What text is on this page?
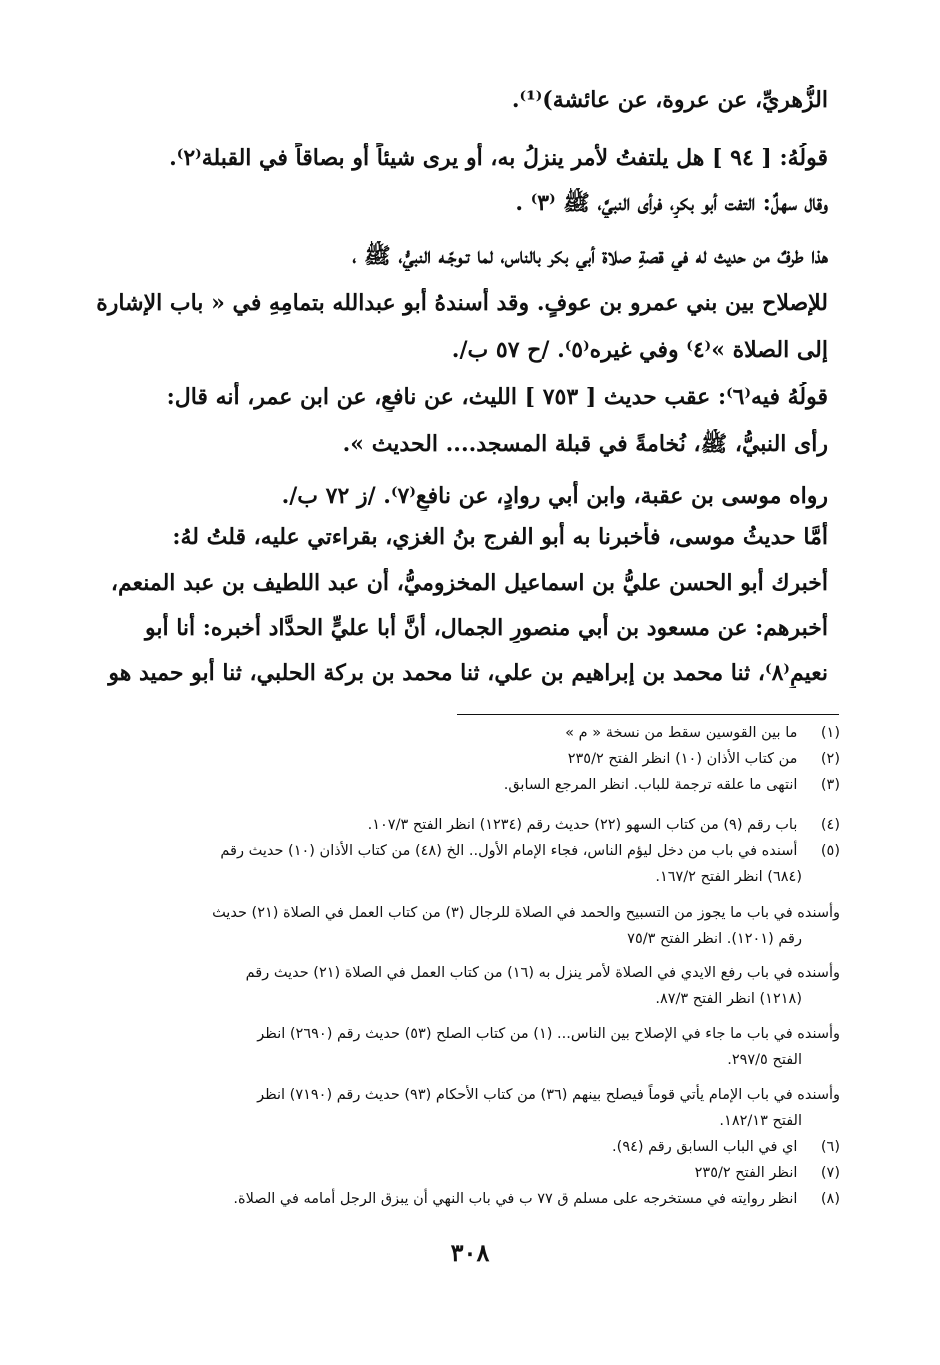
الزُّهريِّ، عن عروة، عن عائشة)⁽¹⁾.
قولُهُ: [ ٩٤ ] هل يلتفتُ لأمر ينزلُ به، أو يرى شيئاً أو بصاقاً في القبلة⁽٢⁾.
وقال سهلٌ: التفت أبو بكرٍ، فرأى النبيَّ، ﷺ ⁽٣⁾ .
هذا طرفٌ من حديث له في قصةِ صلاة أبي بكر بالناس، لما تـوجّـه النبيُّ، ﷺ ،
للإصلاح بين بني عمرو بن عوفٍ. وقد أسندهُ أبو عبدالله بتمامِهِ في « باب الإشارة
إلى الصلاة »⁽٤⁾ وفي غيره⁽٥⁾. /ح ٥٧ ب/.
قولُهُ فيه⁽٦⁾: عقب حديث [ ٧٥٣ ] الليث، عن نافعٍ، عن ابن عمر، أنه قال:
رأى النبيُّ، ﷺ، نُخامةً في قبلة المسجد.... الحديث ».
رواه موسى بن عقبة، وابن أبي روادٍ، عن نافعٍ⁽٧⁾. /ز ٧٢ ب/.
أمَّا حديثُ موسى، فأخبرنا به أبو الفرج بنُ الغزي، بقراءتي عليه، قلتُ لهُ:
أخبرك أبو الحسن عليُّ بن اسماعيل المخزوميُّ، أن عبد اللطيف بن عبد المنعم،
أخبرهم: عن مسعود بن أبي منصورِ الجمال، أنَّ أبا عليٍّ الحدَّاد أخبره: أنا أبو
نعيمٍ⁽٨⁾، ثنا محمد بن إبراهيم بن علي، ثنا محمد بن بركة الحلبي، ثنا أبو حميد هو
(١) ما بين القوسين سقط من نسخة « م »
(٢) من كتاب الأذان (١٠) انظر الفتح ٢٣٥/٢
(٣) انتهى ما علقه ترجمة للباب. انظر المرجع السابق.
(٤) باب رقم (٩) من كتاب السهو (٢٢) حديث رقم (١٢٣٤) انظر الفتح ١٠٧/٣.
(٥) أسنده في باب من دخل ليؤم الناس، فجاء الإمام الأول.. الخ (٤٨) من كتاب الأذان (١٠) حديث رقم
(٦٨٤) انظر الفتح ١٦٧/٢.
وأسنده في باب ما يجوز من التسبيح والحمد في الصلاة للرجال (٣) من كتاب العمل في الصلاة (٢١) حديث
رقم (١٢٠١). انظر الفتح ٧٥/٣
وأسنده في باب رفع الايدي في الصلاة لأمر ينزل به (١٦) من كتاب العمل في الصلاة (٢١) حديث رقم
(١٢١٨) انظر الفتح ٨٧/٣.
وأسنده في باب ما جاء في الإصلاح بين الناس... (١) من كتاب الصلح (٥٣) حديث رقم (٢٦٩٠) انظر
الفتح ٢٩٧/٥.
وأسنده في باب الإمام يأتي قوماً فيصلح بينهم (٣٦) من كتاب الأحكام (٩٣) حديث رقم (٧١٩٠) انظر
الفتح ١٨٢/١٣.
(٦) اي في الباب السابق رقم (٩٤).
(٧) انظر الفتح ٢٣٥/٢
(٨) انظر روايته في مستخرجه على مسلم ق ٧٧ ب في باب النهي أن يبزق الرجل أمامه في الصلاة.
٣٠٨
